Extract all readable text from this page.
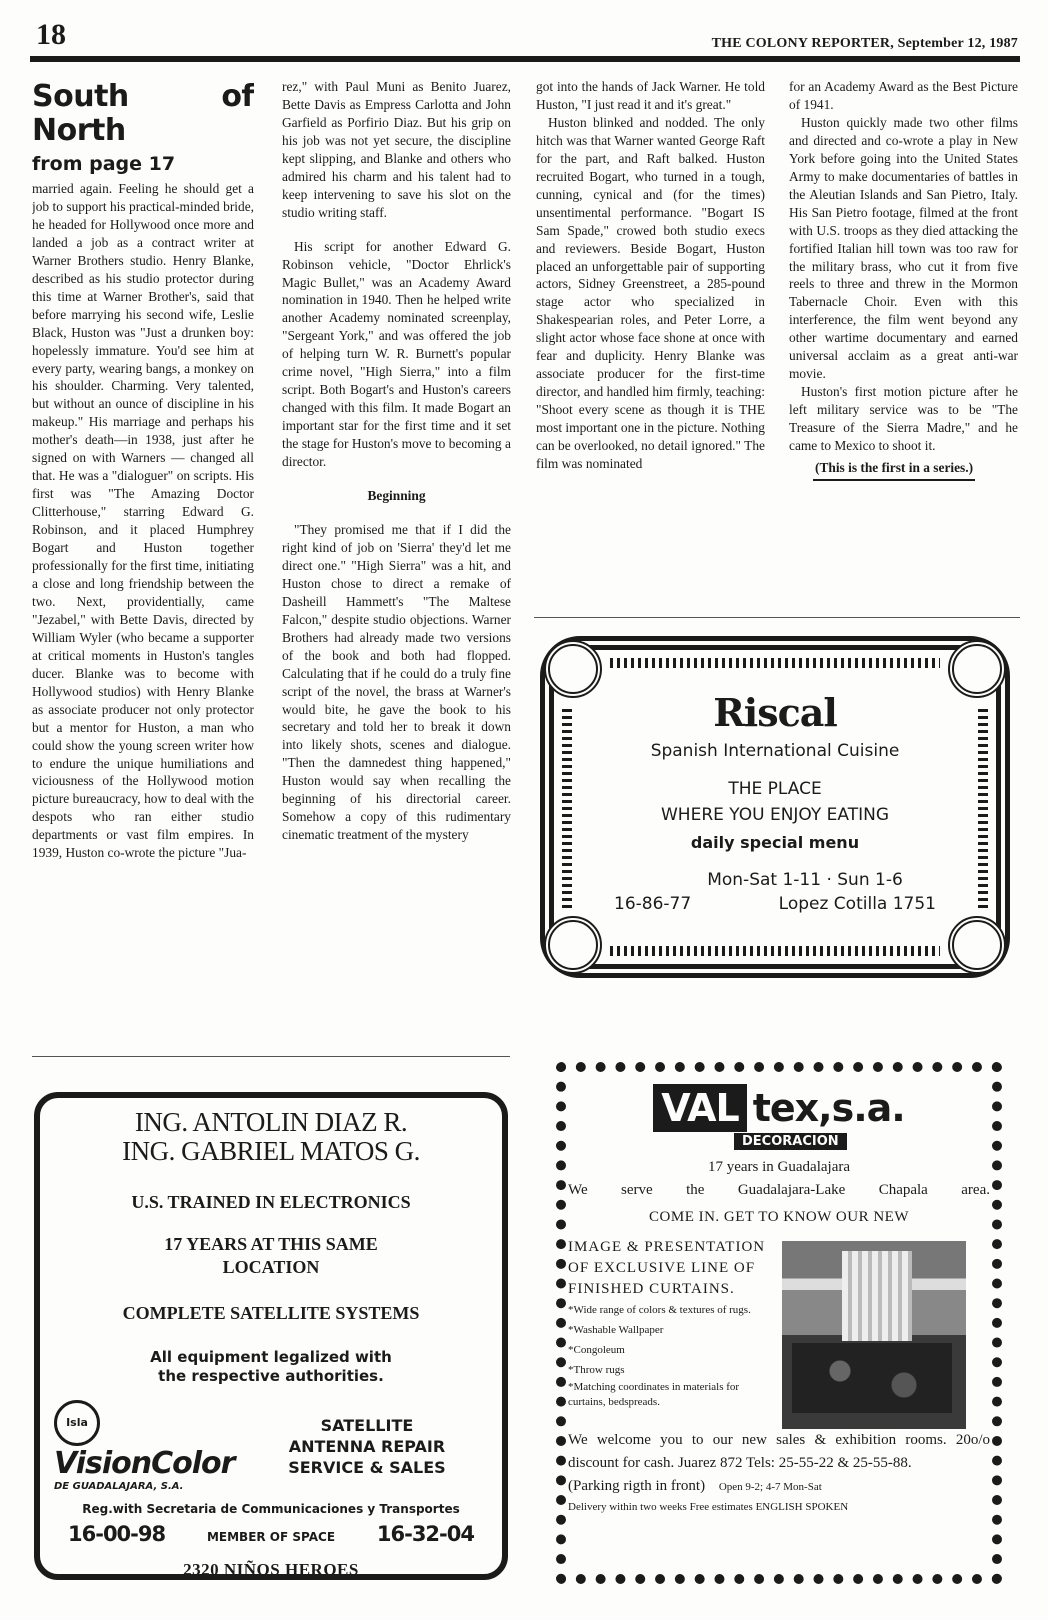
18	THE COLONY REPORTER, September 12, 1987
South of North
from page 17

married again. Feeling he should get a job to support his practical-minded bride, he headed for Hollywood once more and landed a job as a contract writer at Warner Brothers studio. Henry Blanke, described as his studio protector during this time at Warner Brother's, said that before marrying his second wife, Leslie Black, Huston was "Just a drunken boy: hopelessly immature. You'd see him at every party, wearing bangs, a monkey on his shoulder. Charming. Very talented, but without an ounce of discipline in his makeup." His marriage and perhaps his mother's death—in 1938, just after he signed on with Warners — changed all that. He was a "dialoguer" on scripts. His first was "The Amazing Doctor Clitterhouse," starring Edward G. Robinson, and it placed Humphrey Bogart and Huston together professionally for the first time, initiating a close and long friendship between the two. Next, providentially, came "Jezabel," with Bette Davis, directed by William Wyler (who became a supporter at critical moments in Huston's tangles ducer. Blanke was to become with Hollywood studios) with Henry Blanke as associate producer not only protector but a mentor for Huston, a man who could show the young screen writer how to endure the unique humiliations and viciousness of the Hollywood motion picture bureaucracy, how to deal with the despots who ran either studio departments or vast film empires. In 1939, Huston co-wrote the picture "Jua-

rez," with Paul Muni as Benito Juarez, Bette Davis as Empress Carlotta and John Garfield as Porfirio Diaz. But his grip on his job was not yet secure, the discipline kept slipping, and Blanke and others who admired his charm and his talent had to keep intervening to save his slot on the studio writing staff.

His script for another Edward G. Robinson vehicle, "Doctor Ehrlick's Magic Bullet," was an Academy Award nomination in 1940. Then he helped write another Academy nominated screenplay, "Sergeant York," and was offered the job of helping turn W. R. Burnett's popular crime novel, "High Sierra," into a film script. Both Bogart's and Huston's careers changed with this film. It made Bogart an important star for the first time and it set the stage for Huston's move to becoming a director.

Beginning

"They promised me that if I did the right kind of job on 'Sierra' they'd let me direct one." "High Sierra" was a hit, and Huston chose to direct a remake of Dasheill Hammett's "The Maltese Falcon," despite studio objections. Warner Brothers had already made two versions of the book and both had flopped. Calculating that if he could do a truly fine script of the novel, the brass at Warner's would bite, he gave the book to his secretary and told her to break it down into likely shots, scenes and dialogue. "Then the damnedest thing happened," Huston would say when recalling the beginning of his directorial career. Somehow a copy of this rudimentary cinematic treatment of the mystery

got into the hands of Jack Warner. He told Huston, "I just read it and it's great."

Huston blinked and nodded. The only hitch was that Warner wanted George Raft for the part, and Raft balked. Huston recruited Bogart, who turned in a tough, cunning, cynical and (for the times) unsentimental performance. "Bogart IS Sam Spade," crowed both studio execs and reviewers. Beside Bogart, Huston placed an unforgettable pair of supporting actors, Sidney Greenstreet, a 285-pound stage actor who specialized in Shakespearian roles, and Peter Lorre, a slight actor whose face shone at once with fear and duplicity. Henry Blanke was associate producer for the first-time director, and handled him firmly, teaching: "Shoot every scene as though it is THE most important one in the picture. Nothing can be overlooked, no detail ignored." The film was nominated

for an Academy Award as the Best Picture of 1941.

Huston quickly made two other films and directed and co-wrote a play in New York before going into the United States Army to make documentaries of battles in the Aleutian Islands and San Pietro, Italy. His San Pietro footage, filmed at the front with U.S. troops as they died attacking the fortified Italian hill town was too raw for the military brass, who cut it from five reels to three and threw in the Mormon Tabernacle Choir. Even with this interference, the film went beyond any other wartime documentary and earned universal acclaim as a great anti-war movie.

Huston's first motion picture after he left military service was to be "The Treasure of the Sierra Madre," and he came to Mexico to shoot it.

(This is the first in a series.)
Riscal
Spanish International Cuisine
THE PLACE
WHERE YOU ENJOY EATING
daily special menu
Mon-Sat 1-11 · Sun 1-6
16-86-77	Lopez Cotilla 1751
ING. ANTOLIN DIAZ R.
ING. GABRIEL MATOS G.
U.S. TRAINED IN ELECTRONICS
17 YEARS AT THIS SAME LOCATION
COMPLETE SATELLITE SYSTEMS
All equipment legalized with the respective authorities.
Isla VisionColor
DE GUADALAJARA, S.A.
SATELLITE ANTENNA REPAIR SERVICE & SALES
Reg.with Secretaria de Communicaciones y Transportes
16-00-98	MEMBER OF SPACE 16-32-04
2320 NIÑOS HEROES
VAL tex,s.a.
DECORACION
17 years in Guadalajara
We serve the Guadalajara-Lake Chapala area.
COME IN. GET TO KNOW OUR NEW
IMAGE & PRESENTATION OF EXCLUSIVE LINE OF FINISHED CURTAINS.
*Wide range of colors & textures of rugs.
*Washable Wallpaper
*Congoleum
*Throw rugs
*Matching coordinates in materials for curtains, bedspreads.
We welcome you to our new sales & exhibition rooms. 20o/o discount for cash. Juarez 872 Tels: 25-55-22 & 25-55-88.
(Parking rigth in front) Open 9-2; 4-7 Mon-Sat
Delivery within two weeks Free estimates ENGLISH SPOKEN
